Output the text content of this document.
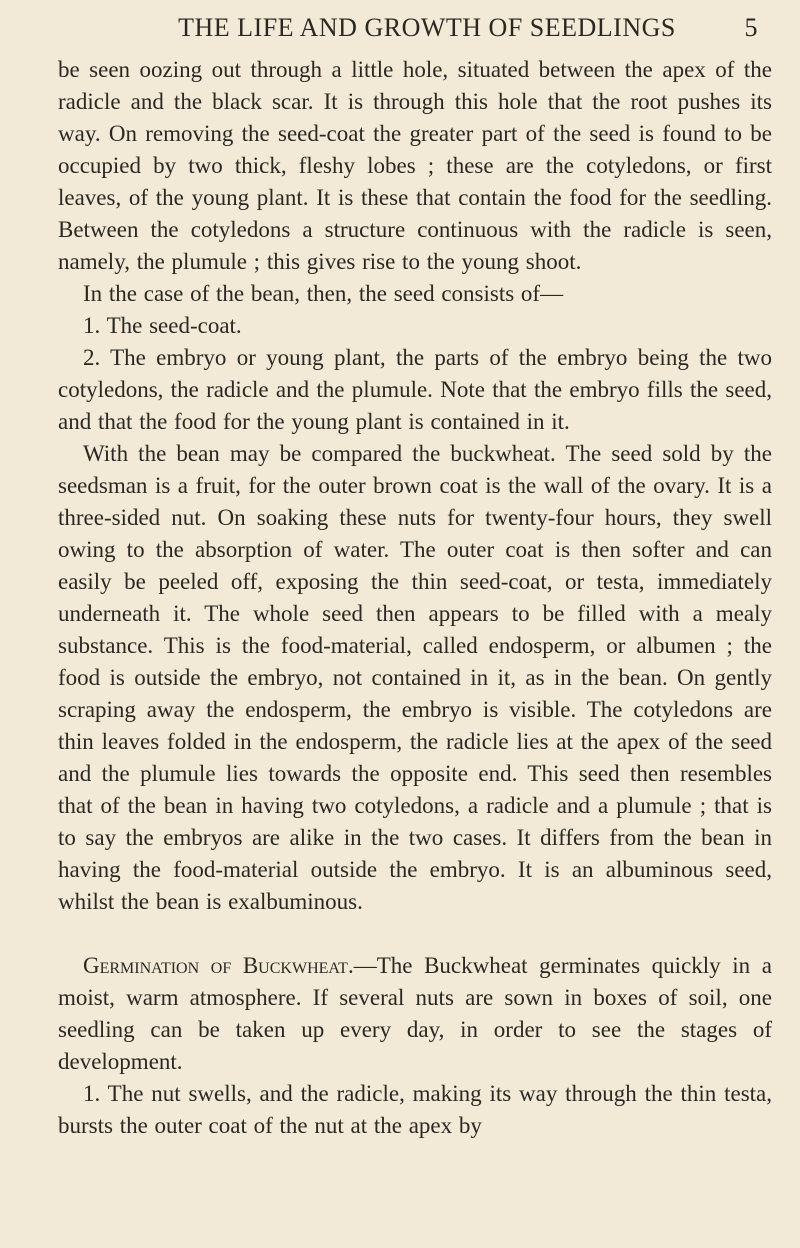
THE LIFE AND GROWTH OF SEEDLINGS	5

be seen oozing out through a little hole, situated between the apex of the radicle and the black scar. It is through this hole that the root pushes its way. On removing the seed-coat the greater part of the seed is found to be occupied by two thick, fleshy lobes ; these are the cotyledons, or first leaves, of the young plant. It is these that contain the food for the seedling. Between the cotyledons a structure continuous with the radicle is seen, namely, the plumule ; this gives rise to the young shoot.

In the case of the bean, then, the seed consists of—

1. The seed-coat.

2. The embryo or young plant, the parts of the embryo being the two cotyledons, the radicle and the plumule. Note that the embryo fills the seed, and that the food for the young plant is contained in it.

With the bean may be compared the buckwheat. The seed sold by the seedsman is a fruit, for the outer brown coat is the wall of the ovary. It is a three-sided nut. On soaking these nuts for twenty-four hours, they swell owing to the absorption of water. The outer coat is then softer and can easily be peeled off, exposing the thin seed-coat, or testa, immediately underneath it. The whole seed then appears to be filled with a mealy substance. This is the food-material, called endosperm, or albumen ; the food is outside the embryo, not contained in it, as in the bean. On gently scraping away the endosperm, the embryo is visible. The cotyledons are thin leaves folded in the endosperm, the radicle lies at the apex of the seed and the plumule lies towards the opposite end. This seed then resembles that of the bean in having two cotyledons, a radicle and a plumule ; that is to say the embryos are alike in the two cases. It differs from the bean in having the food-material outside the embryo. It is an albuminous seed, whilst the bean is exalbuminous.

Germination of Buckwheat.—The Buckwheat germinates quickly in a moist, warm atmosphere. If several nuts are sown in boxes of soil, one seedling can be taken up every day, in order to see the stages of development.

1. The nut swells, and the radicle, making its way through the thin testa, bursts the outer coat of the nut at the apex by
